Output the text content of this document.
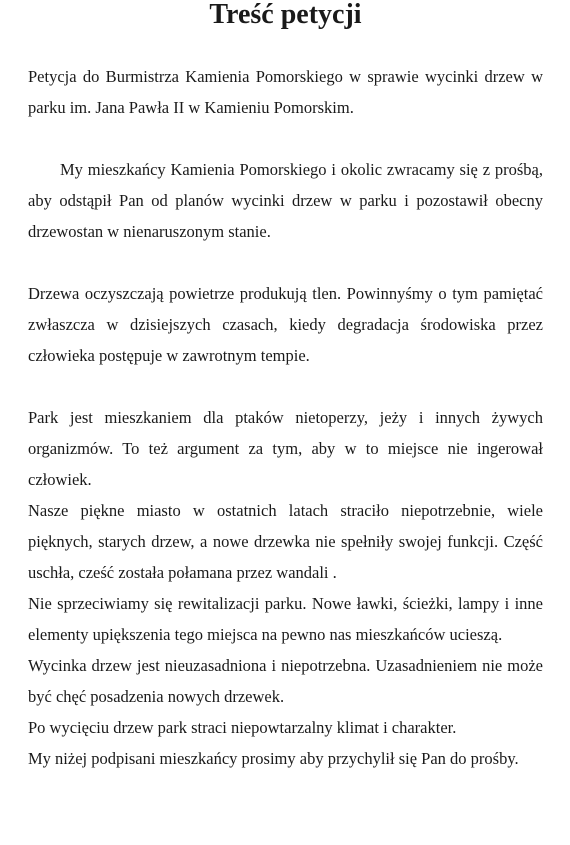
Treść petycji

Petycja do Burmistrza Kamienia Pomorskiego w sprawie wycinki drzew w parku im. Jana Pawła II w Kamieniu Pomorskim.

My mieszkańcy Kamienia Pomorskiego i okolic zwracamy się z prośbą, aby odstąpił Pan od planów wycinki drzew w parku i pozostawił obecny drzewostan w nienaruszonym stanie.

Drzewa oczyszczają powietrze produkują tlen. Powinnyśmy o tym pamiętać zwłaszcza w dzisiejszych czasach, kiedy degradacja środowiska przez człowieka postępuje w zawrotnym tempie.

Park jest mieszkaniem dla ptaków nietoperzy, jeży i innych żywych organizmów. To też argument za tym, aby w to miejsce nie ingerował człowiek.

Nasze piękne miasto w ostatnich latach straciło niepotrzebnie, wiele pięknych, starych drzew, a nowe drzewka nie spełniły swojej funkcji. Część uschła, cześć została połamana przez wandali .

Nie sprzeciwiamy się rewitalizacji parku. Nowe ławki, ścieżki, lampy i inne elementy upiększenia tego miejsca na pewno nas mieszkańców ucieszą.

Wycinka drzew jest nieuzasadniona i niepotrzebna. Uzasadnieniem nie może być chęć posadzenia nowych drzewek.

Po wycięciu drzew park straci niepowtarzalny klimat i charakter.

My niżej podpisani mieszkańcy prosimy aby przychylił się Pan do prośby.
